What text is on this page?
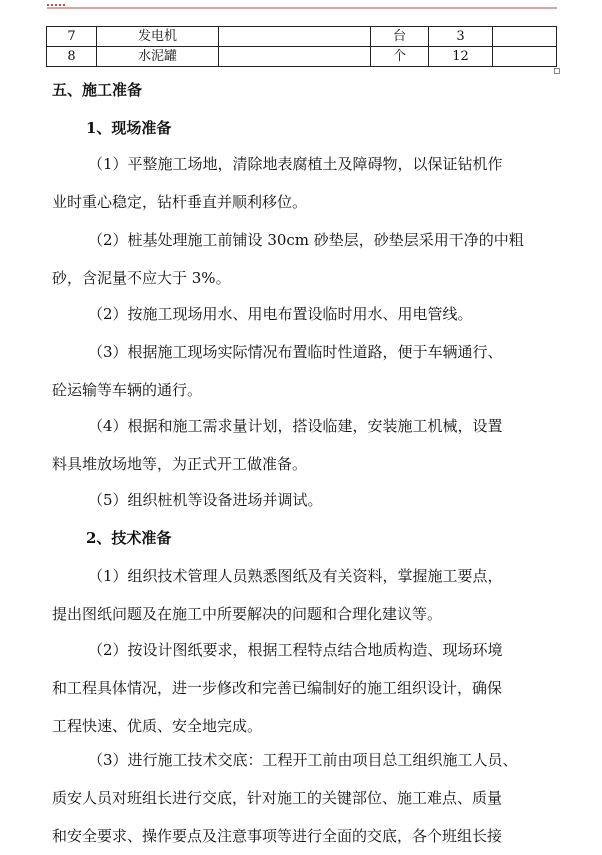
7	发电机		台	3	
8	水泥罐		个	12	
五、施工准备
1、现场准备
（1）平整施工场地，清除地表腐植土及障碍物，以保证钻机作
业时重心稳定，钻杆垂直并顺利移位。
（2）桩基处理施工前铺设 30cm 砂垫层，砂垫层采用干净的中粗
砂，含泥量不应大于 3%。
（2）按施工现场用水、用电布置设临时用水、用电管线。
（3）根据施工现场实际情况布置临时性道路，便于车辆通行、
砼运输等车辆的通行。
（4）根据和施工需求量计划，搭设临建，安装施工机械，设置
料具堆放场地等，为正式开工做准备。
（5）组织桩机等设备进场并调试。
2、技术准备
（1）组织技术管理人员熟悉图纸及有关资料，掌握施工要点，
提出图纸问题及在施工中所要解决的问题和合理化建议等。
（2）按设计图纸要求，根据工程特点结合地质构造、现场环境
和工程具体情况，进一步修改和完善已编制好的施工组织设计，确保
工程快速、优质、安全地完成。
（3）进行施工技术交底：工程开工前由项目总工组织施工人员、
质安人员对班组长进行交底，针对施工的关键部位、施工难点、质量
和安全要求、操作要点及注意事项等进行全面的交底，各个班组长接
